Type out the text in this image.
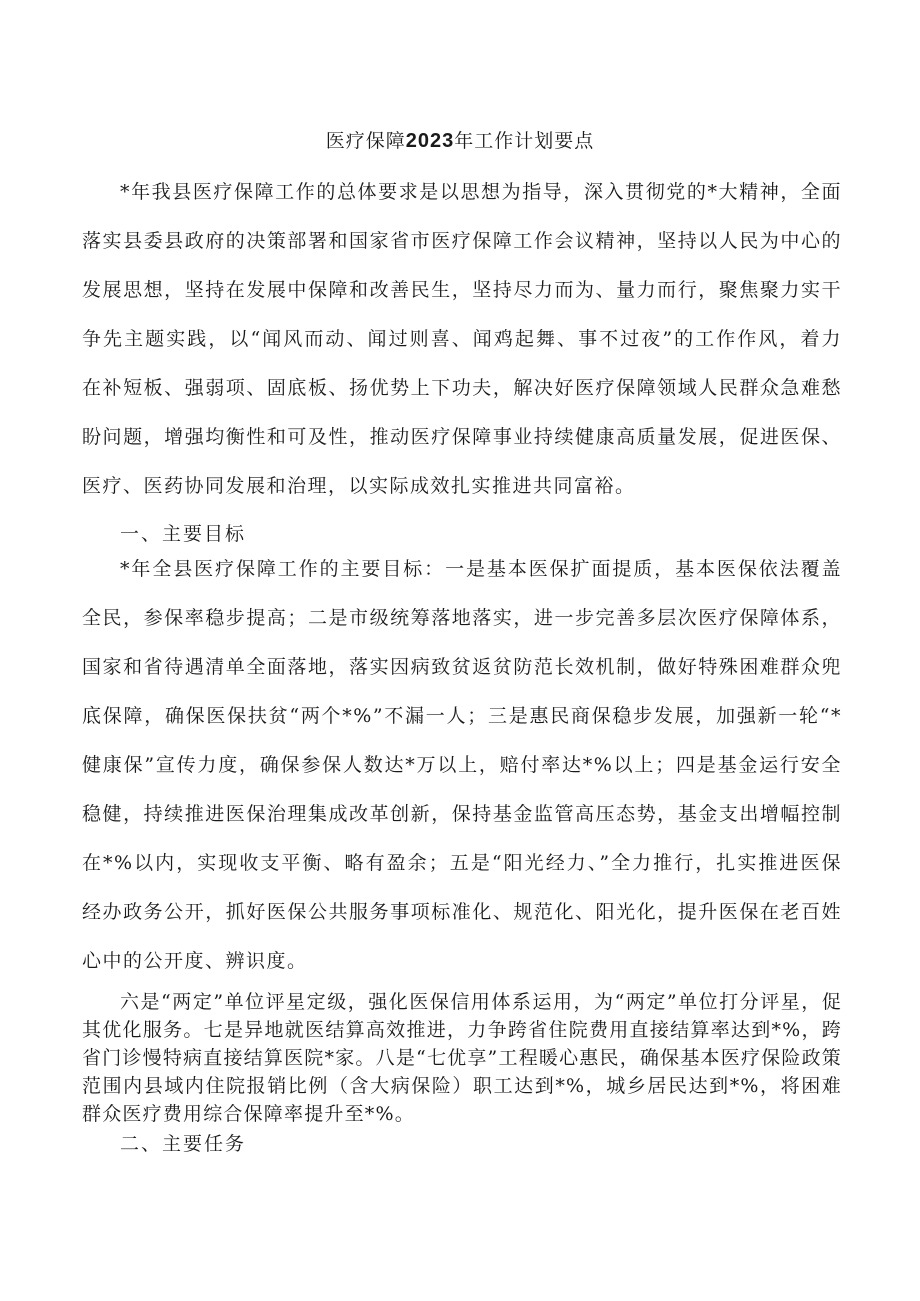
医疗保障2023年工作计划要点

*年我县医疗保障工作的总体要求是以思想为指导，深入贯彻党的*大精神，全面落实县委县政府的决策部署和国家省市医疗保障工作会议精神，坚持以人民为中心的发展思想，坚持在发展中保障和改善民生，坚持尽力而为、量力而行，聚焦聚力实干争先主题实践，以“闻风而动、闻过则喜、闻鸡起舞、事不过夜”的工作作风，着力在补短板、强弱项、固底板、扬优势上下功夫，解决好医疗保障领域人民群众急难愁盼问题，增强均衡性和可及性，推动医疗保障事业持续健康高质量发展，促进医保、医疗、医药协同发展和治理，以实际成效扎实推进共同富裕。

一、主要目标

*年全县医疗保障工作的主要目标：一是基本医保扩面提质，基本医保依法覆盖全民，参保率稳步提高；二是市级统筹落地落实，进一步完善多层次医疗保障体系，国家和省待遇清单全面落地，落实因病致贫返贫防范长效机制，做好特殊困难群众兜底保障，确保医保扶贫“两个*%”不漏一人；三是惠民商保稳步发展，加强新一轮“*健康保”宣传力度，确保参保人数达*万以上，赔付率达*%以上；四是基金运行安全稳健，持续推进医保治理集成改革创新，保持基金监管高压态势，基金支出增幅控制在*%以内，实现收支平衡、略有盈余；五是“阳光经力、”全力推行，扎实推进医保经办政务公开，抓好医保公共服务事项标准化、规范化、阳光化，提升医保在老百姓心中的公开度、辨识度。

六是“两定”单位评星定级，强化医保信用体系运用，为“两定”单位打分评星，促其优化服务。七是异地就医结算高效推进，力争跨省住院费用直接结算率达到*%，跨省门诊慢特病直接结算医院*家。八是“七优享”工程暖心惠民，确保基本医疗保险政策范围内县域内住院报销比例（含大病保险）职工达到*%，城乡居民达到*%，将困难群众医疗费用综合保障率提升至*%。

二、主要任务
